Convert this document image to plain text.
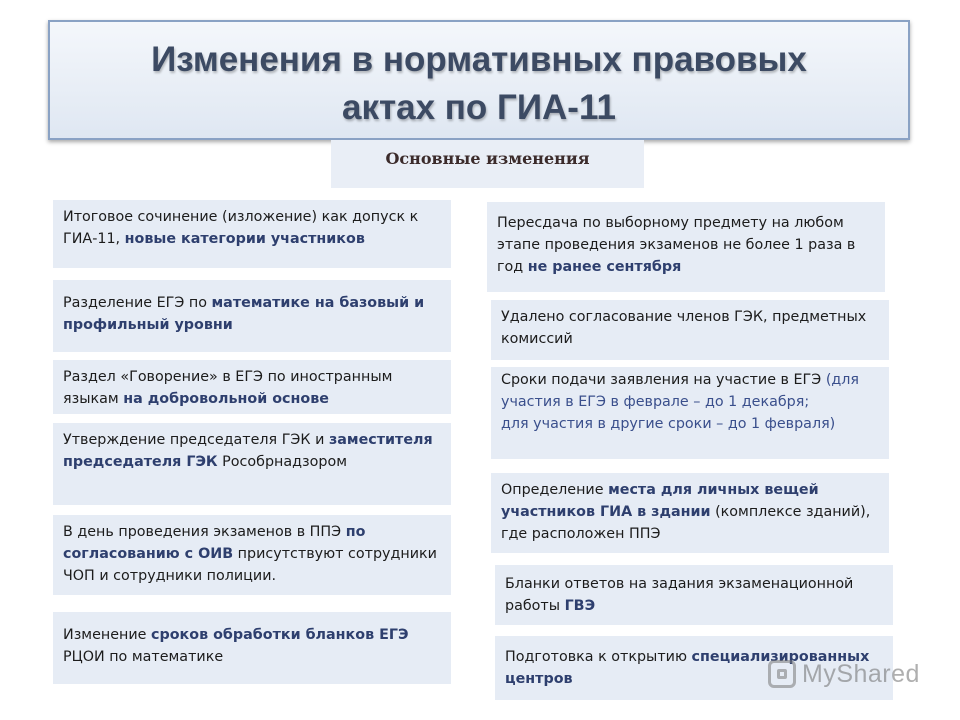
Изменения в нормативных правовых
актах по ГИА-11
Основные изменения
Итоговое сочинение (изложение) как допуск к ГИА-11, новые категории участников
Разделение ЕГЭ по математике на базовый и профильный уровни
Раздел «Говорение» в ЕГЭ по иностранным языкам на добровольной основе
Утверждение председателя ГЭК и заместителя председателя ГЭК Рособрнадзором
В день проведения экзаменов в ППЭ по согласованию с ОИВ присутствуют сотрудники ЧОП и сотрудники полиции.
Изменение сроков обработки бланков ЕГЭ РЦОИ по математике
Пересдача по выборному предмету на любом этапе проведения экзаменов не более 1 раза в год не ранее сентября
Удалено согласование членов ГЭК, предметных комиссий
Сроки подачи заявления на участие в ЕГЭ (для участия в ЕГЭ в феврале – до 1 декабря;
для участия в другие сроки – до 1 февраля)
Определение места для личных вещей участников ГИА в здании (комплексе зданий), где расположен ППЭ
Бланки ответов на задания экзаменационной работы ГВЭ
Подготовка к открытию специализированных центров	MyShared
